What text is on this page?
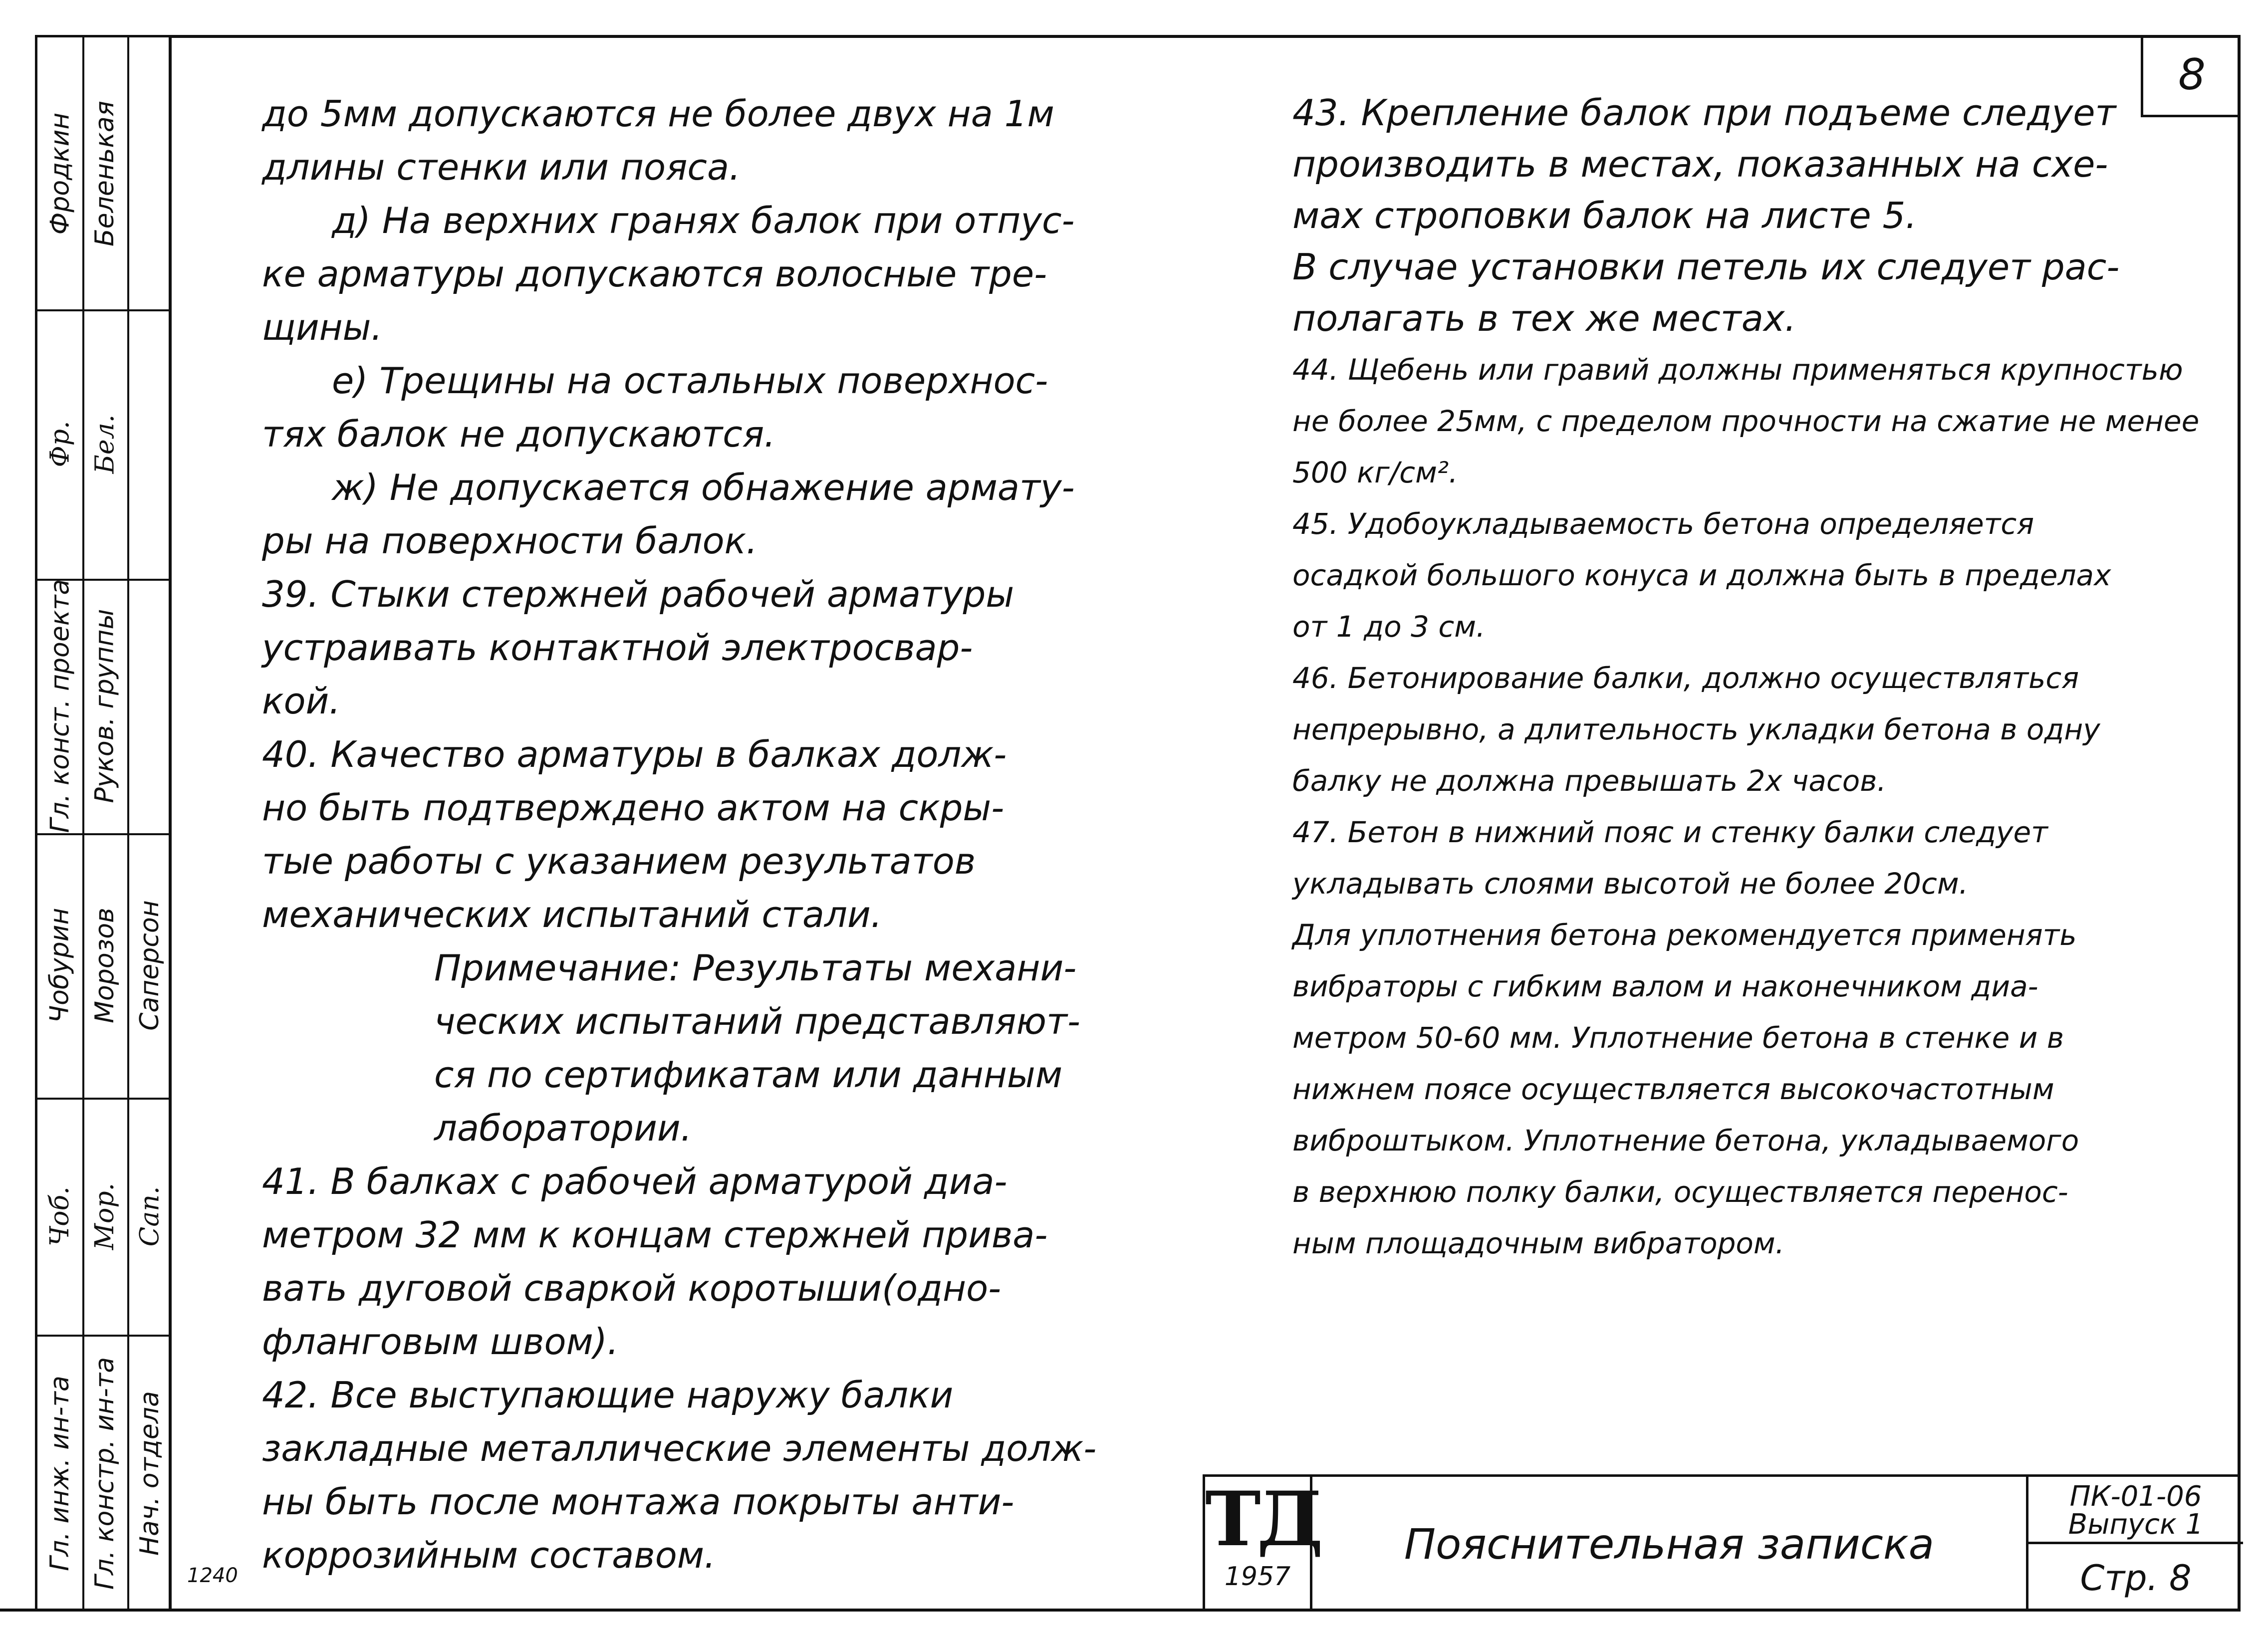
8
Фродкин Беленькая
Фр. Бел.
Гл. конст. проекта Руков. группы
Чобурин Морозов Саперсон
Чоб. Мор. Сап.
Гл. инж. ин-та Гл. констр. ин-та Нач. отдела

до 5мм допускаются не более двух на 1м

длины стенки или пояса.

д) На верхних гранях балок при отпус-

ке арматуры допускаются волосные тре-

щины.

е) Трещины на остальных поверхнос-

тях балок не допускаются.

ж) Не допускается обнажение армату-

ры на поверхности балок.

39. Стыки стержней рабочей арматуры

устраивать контактной электросвар-

кой.

40. Качество арматуры в балках долж-

но быть подтверждено актом на скры-

тые работы с указанием результатов

механических испытаний стали.

Примечание: Результаты механи-

ческих испытаний представляют-

ся по сертификатам или данным

лаборатории.

41. В балках с рабочей арматурой диа-

метром 32 мм к концам стержней прива-

вать дуговой сваркой коротыши(одно-

фланговым швом).

42. Все выступающие наружу балки

закладные металлические элементы долж-

ны быть после монтажа покрыты анти-

коррозийным составом.

43. Крепление балок при подъеме следует

производить в местах, показанных на схе-

мах строповки балок на листе 5.

В случае установки петель их следует рас-

полагать в тех же местах.

44. Щебень или гравий должны применяться крупностью

не более 25мм, с пределом прочности на сжатие не менее

500 кг/см².

45. Удобоукладываемость бетона определяется

осадкой большого конуса и должна быть в пределах

от 1 до 3 см.

46. Бетонирование балки, должно осуществляться

непрерывно, а длительность укладки бетона в одну

балку не должна превышать 2х часов.

47. Бетон в нижний пояс и стенку балки следует

укладывать слоями высотой не более 20см.

Для уплотнения бетона рекомендуется применять

вибраторы с гибким валом и наконечником диа-

метром 50-60 мм. Уплотнение бетона в стенке и в

нижнем поясе осуществляется высокочастотным

виброштыком. Уплотнение бетона, укладываемого

в верхнюю полку балки, осуществляется перенос-

ным площадочным вибратором.

ТД
1957
Пояснительная записка
ПК-01-06
Выпуск 1
Стр. 8
1240
